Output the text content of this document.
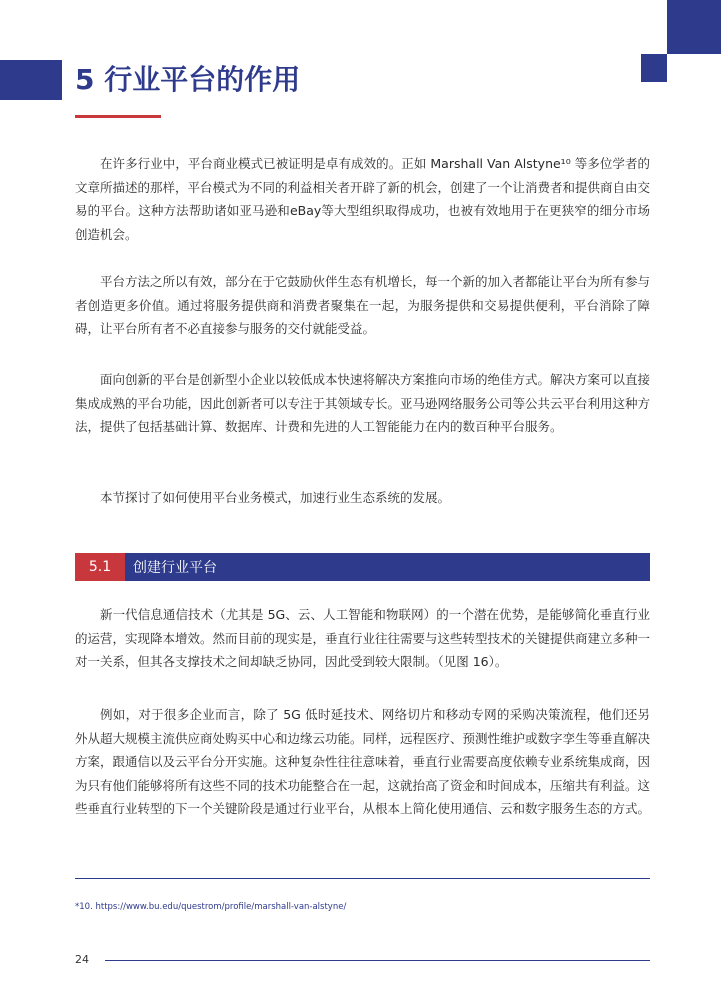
5 行业平台的作用

在许多行业中，平台商业模式已被证明是卓有成效的。正如 Marshall Van Alstyne¹⁰ 等多位学者的文章所描述的那样，平台模式为不同的利益相关者开辟了新的机会，创建了一个让消费者和提供商自由交易的平台。这种方法帮助诸如亚马逊和eBay等大型组织取得成功，也被有效地用于在更狭窄的细分市场创造机会。

平台方法之所以有效，部分在于它鼓励伙伴生态有机增长，每一个新的加入者都能让平台为所有参与者创造更多价值。通过将服务提供商和消费者聚集在一起，为服务提供和交易提供便利，平台消除了障碍，让平台所有者不必直接参与服务的交付就能受益。

面向创新的平台是创新型小企业以较低成本快速将解决方案推向市场的绝佳方式。解决方案可以直接集成成熟的平台功能，因此创新者可以专注于其领域专长。亚马逊网络服务公司等公共云平台利用这种方法，提供了包括基础计算、数据库、计费和先进的人工智能能力在内的数百种平台服务。

本节探讨了如何使用平台业务模式，加速行业生态系统的发展。

5.1	创建行业平台

新一代信息通信技术（尤其是 5G、云、人工智能和物联网）的一个潜在优势，是能够简化垂直行业的运营，实现降本增效。然而目前的现实是，垂直行业往往需要与这些转型技术的关键提供商建立多种一对一关系，但其各支撑技术之间却缺乏协同，因此受到较大限制。（见图 16）。

例如，对于很多企业而言，除了 5G 低时延技术、网络切片和移动专网的采购决策流程，他们还另外从超大规模主流供应商处购买中心和边缘云功能。同样，远程医疗、预测性维护或数字孪生等垂直解决方案，跟通信以及云平台分开实施。这种复杂性往往意味着，垂直行业需要高度依赖专业系统集成商，因为只有他们能够将所有这些不同的技术功能整合在一起，这就抬高了资金和时间成本，压缩共有利益。这些垂直行业转型的下一个关键阶段是通过行业平台，从根本上简化使用通信、云和数字服务生态的方式。

*10. https://www.bu.edu/questrom/profile/marshall-van-alstyne/

24
